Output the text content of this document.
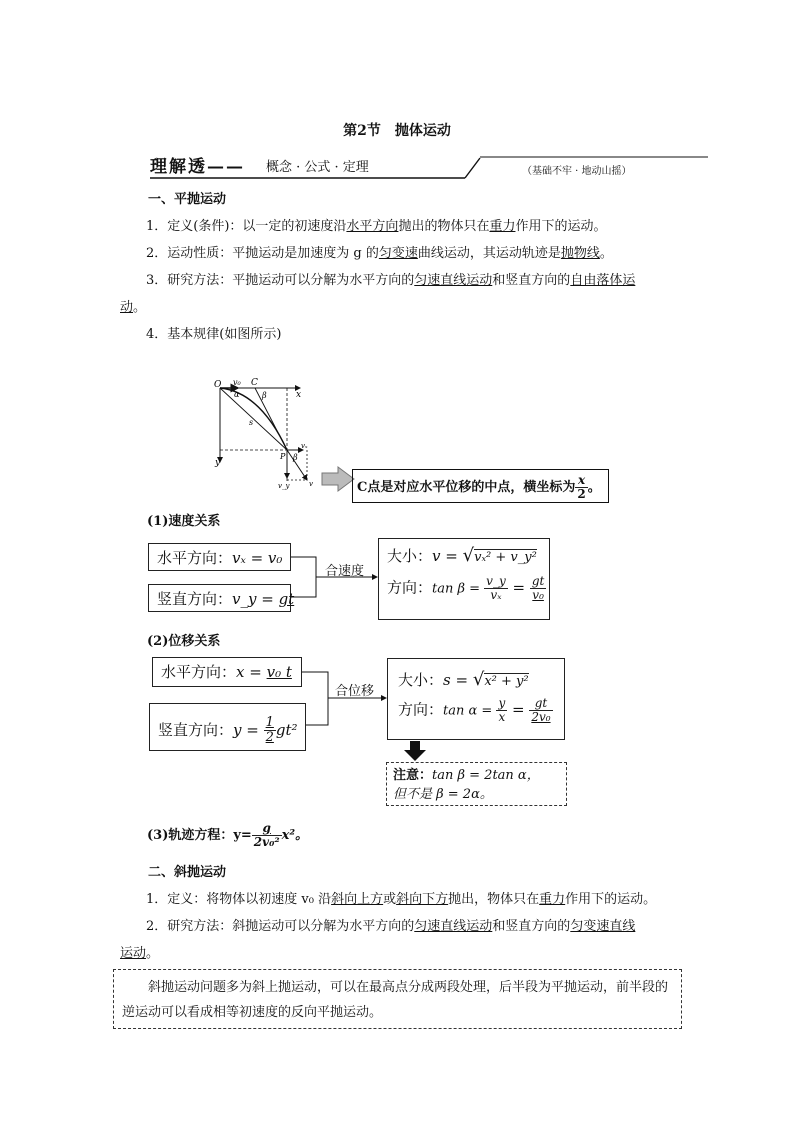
第2节　抛体运动
理解透—— 概念 · 公式 · 定理	（基础不牢 · 地动山摇）

一、平抛运动

1．定义(条件)：以一定的初速度沿水平方向抛出的物体只在重力作用下的运动。

2．运动性质：平抛运动是加速度为 g 的匀变速曲线运动，其运动轨迹是抛物线。

3．研究方法：平抛运动可以分解为水平方向的匀速直线运动和竖直方向的自由落体运

动。

4．基本规律(如图所示)

O v₀ C
x
α	β
s
P β
y
vₓ
v_y	v	C点是对应水平位移的中点，横坐标为 $\frac{x}{2}$ 。
(1)速度关系
水平方向：vₓ = v₀
竖直方向：v_y = gt
合速度
大小：v = √vₓ² + v_y²
方向：$\tan \beta = \frac{v\_y}{\text{vₓ}} = \frac{gt}{\text{v₀}}$
(2)位移关系
水平方向：x = v₀ t
竖直方向：$y = \frac{1}{2} gt^2$
合位移
大小：s = √x² + y²
方向：$\tan \alpha = \frac{y}{x} = \frac{gt}{\text{2v₀}}$
注意：tan β = 2tan α，
但不是 β = 2α。
(3)轨迹方程：$y= \frac{g}{\text{2v₀²}} x^2$。

二、斜抛运动

1．定义：将物体以初速度 v₀ 沿斜向上方或斜向下方抛出，物体只在重力作用下的运动。

2．研究方法：斜抛运动可以分解为水平方向的匀速直线运动和竖直方向的匀变速直线

运动。

斜抛运动问题多为斜上抛运动，可以在最高点分成两段处理，后半段为平抛运动，前半段的逆运动可以看成相等初速度的反向平抛运动。
